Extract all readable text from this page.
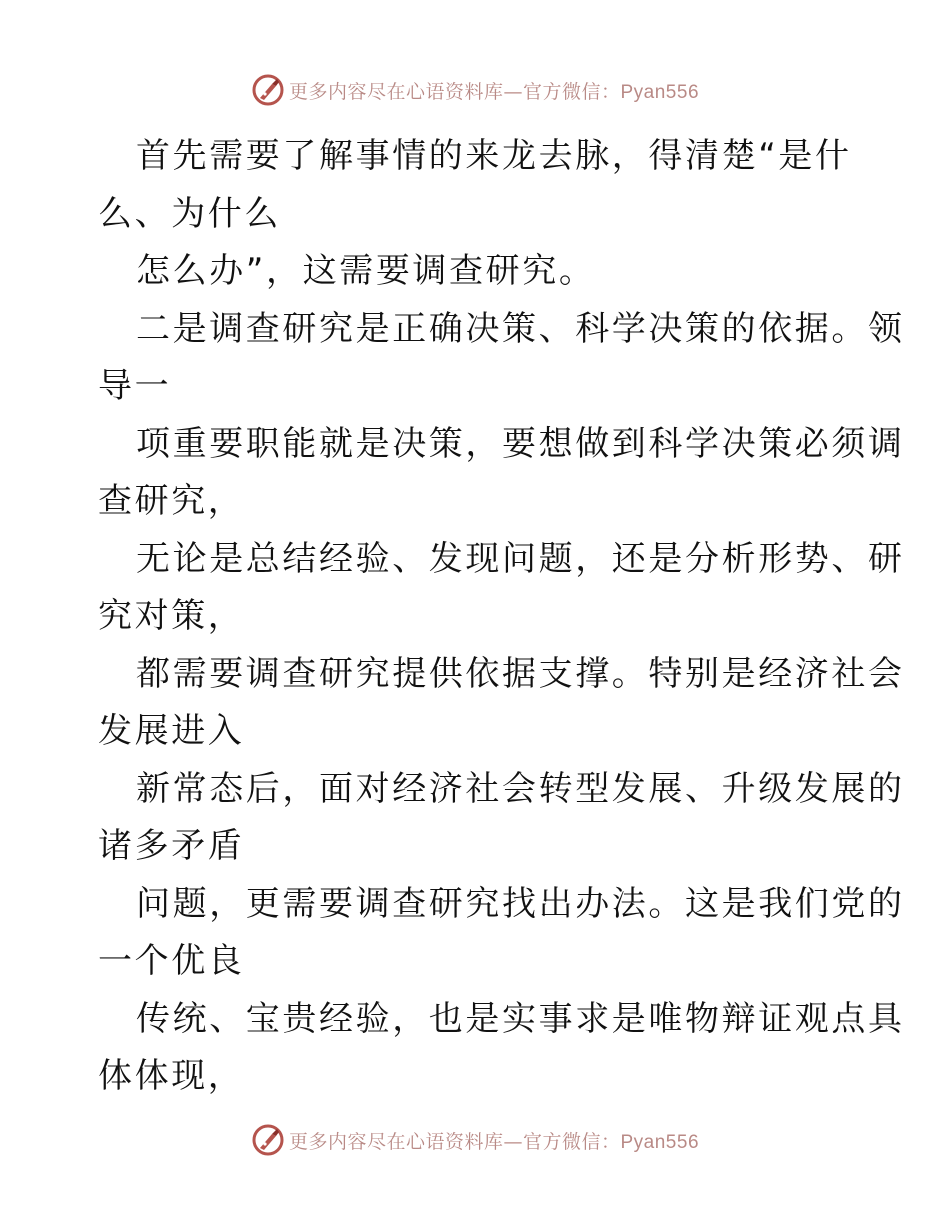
更多内容尽在心语资料库—官方微信：Pyan556

首先需要了解事情的来龙去脉，得清楚“是什

么、为什么

怎么办”，这需要调查研究。

二是调查研究是正确决策、科学决策的依据。领

导一

项重要职能就是决策，要想做到科学决策必须调

查研究，

无论是总结经验、发现问题，还是分析形势、研

究对策，

都需要调查研究提供依据支撑。特别是经济社会

发展进入

新常态后，面对经济社会转型发展、升级发展的

诸多矛盾

问题，更需要调查研究找出办法。这是我们党的

一个优良

传统、宝贵经验，也是实事求是唯物辩证观点具

体体现，

更多内容尽在心语资料库—官方微信：Pyan556
